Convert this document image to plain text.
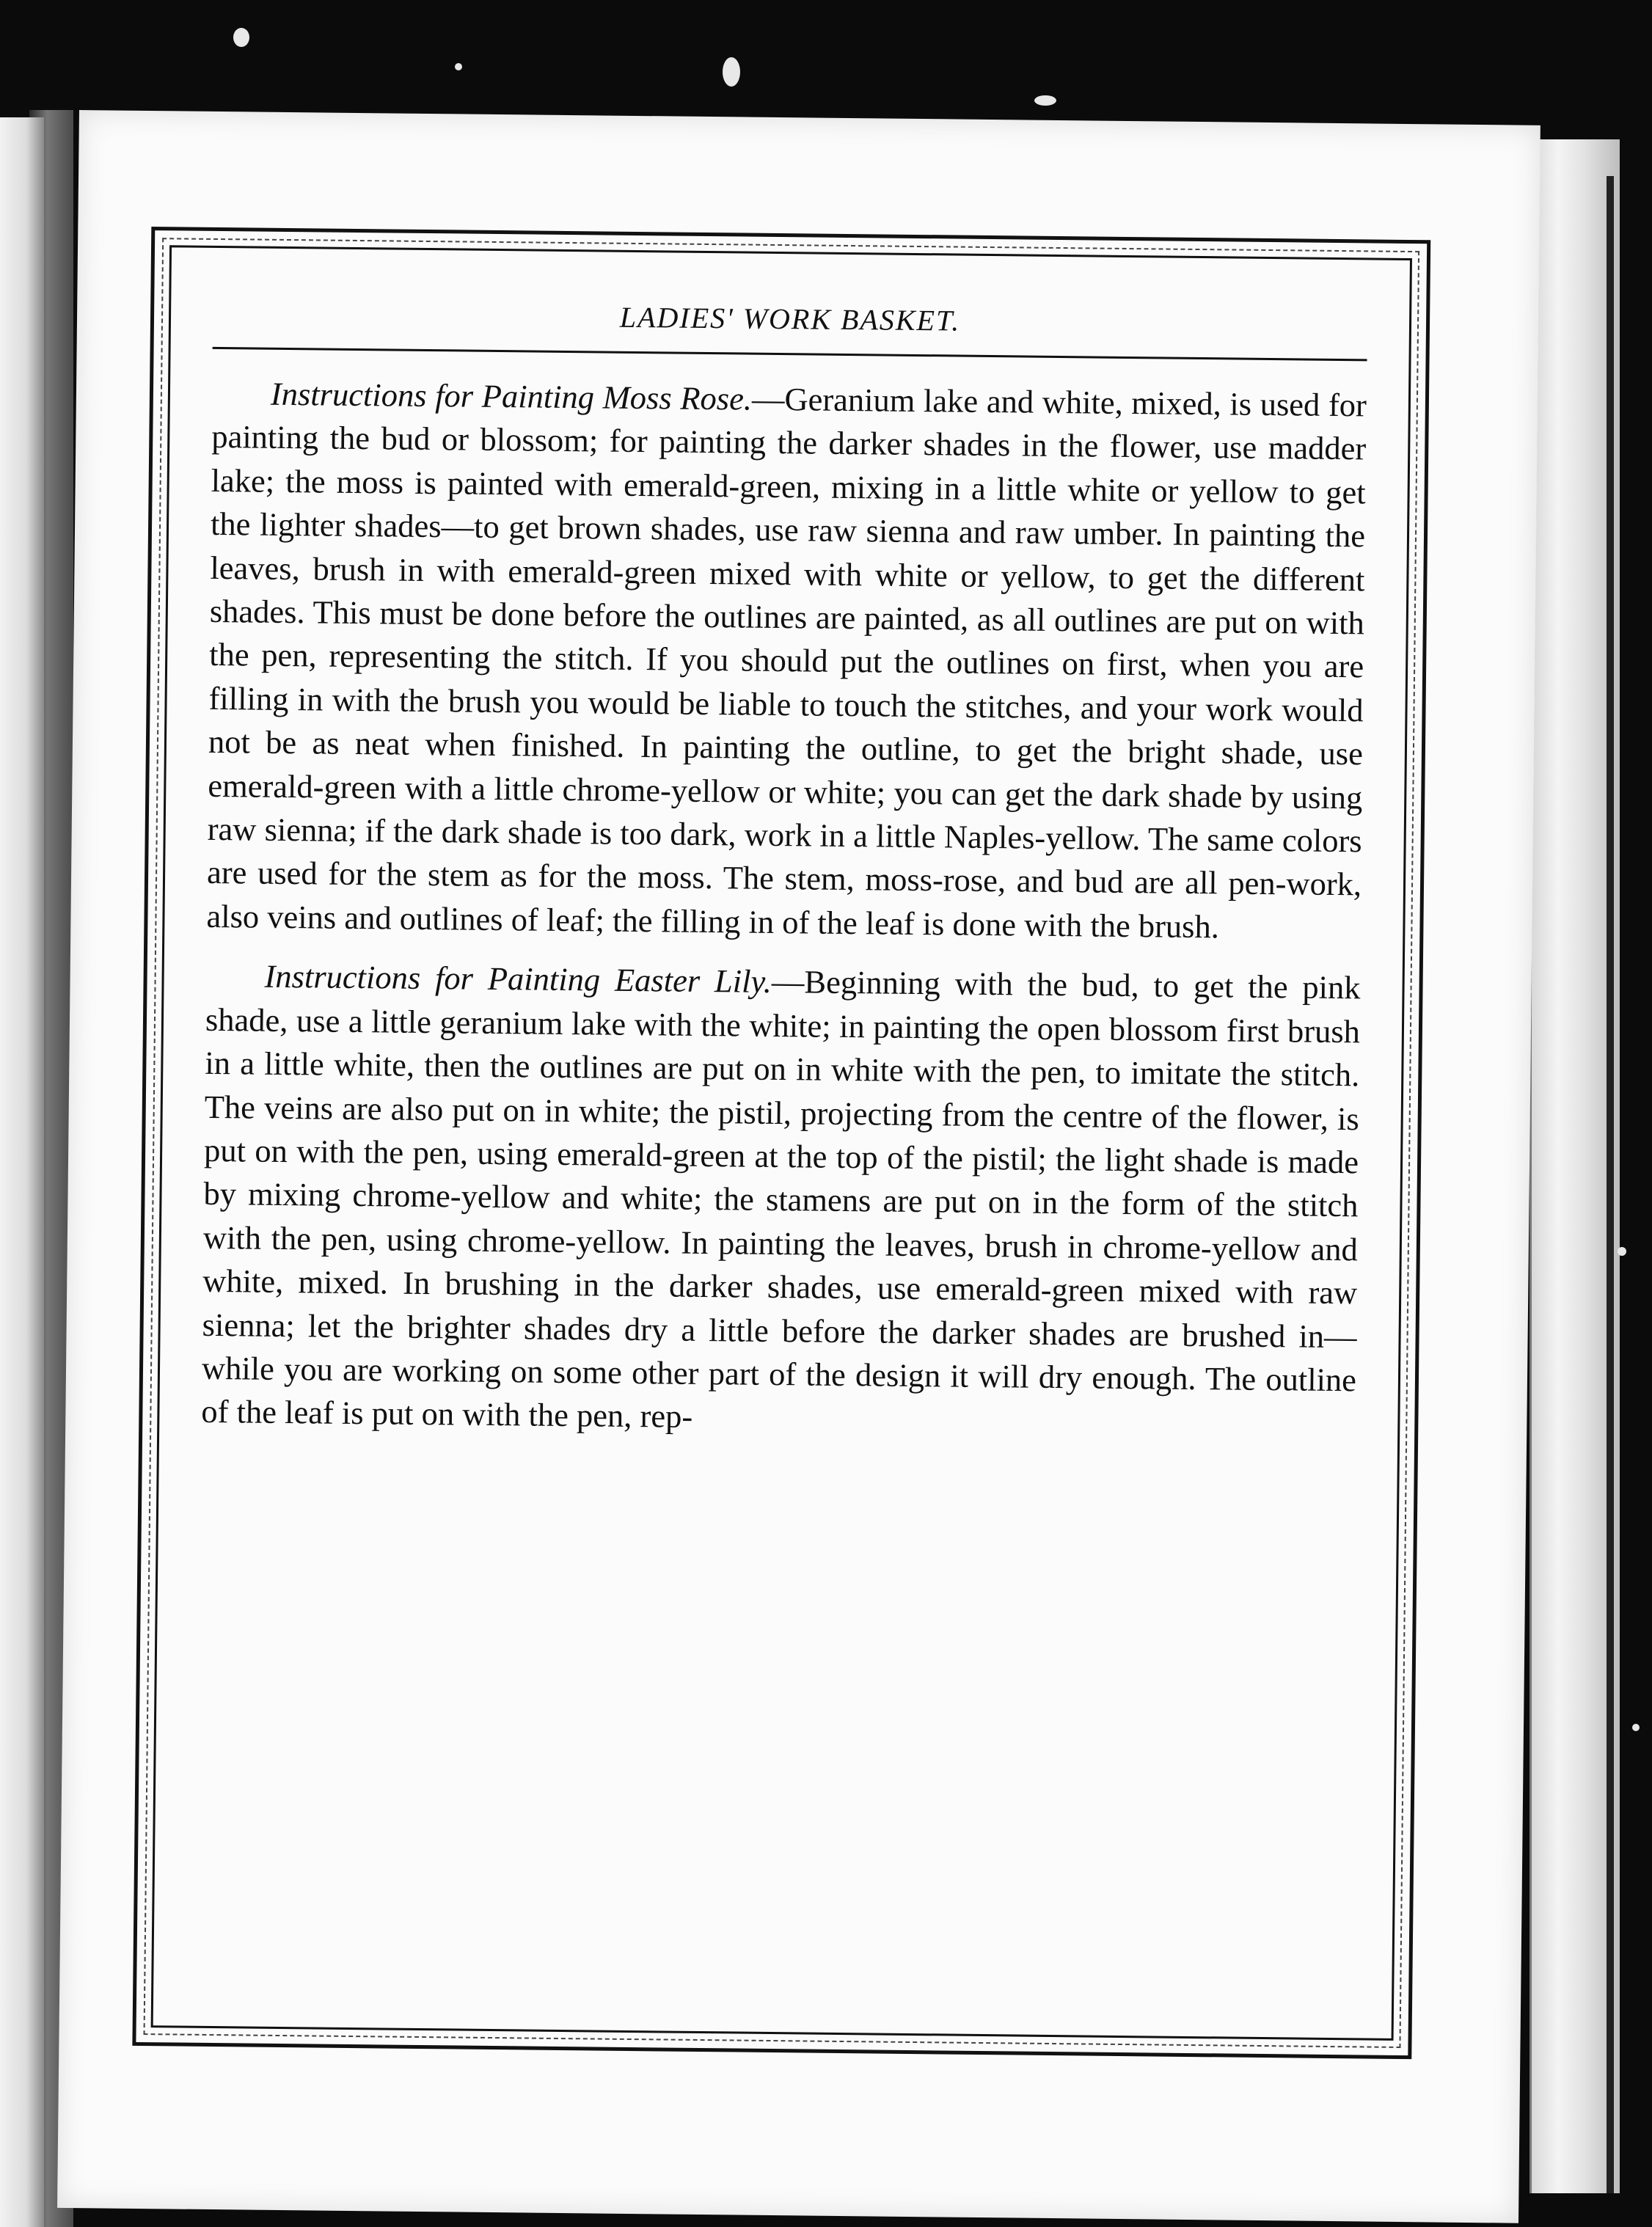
LADIES' WORK BASKET.

Instructions for Painting Moss Rose.—Geranium lake and white, mixed, is used for painting the bud or blossom; for painting the darker shades in the flower, use madder lake; the moss is painted with emerald-green, mixing in a little white or yellow to get the lighter shades—to get brown shades, use raw sienna and raw umber. In painting the leaves, brush in with emerald-green mixed with white or yellow, to get the different shades. This must be done before the outlines are painted, as all outlines are put on with the pen, representing the stitch. If you should put the outlines on first, when you are filling in with the brush you would be liable to touch the stitches, and your work would not be as neat when finished. In painting the outline, to get the bright shade, use emerald-green with a little chrome-yellow or white; you can get the dark shade by using raw sienna; if the dark shade is too dark, work in a little Naples-yellow. The same colors are used for the stem as for the moss. The stem, moss-rose, and bud are all pen-work, also veins and outlines of leaf; the filling in of the leaf is done with the brush.

Instructions for Painting Easter Lily.—Beginning with the bud, to get the pink shade, use a little geranium lake with the white; in painting the open blossom first brush in a little white, then the outlines are put on in white with the pen, to imitate the stitch. The veins are also put on in white; the pistil, projecting from the centre of the flower, is put on with the pen, using emerald-green at the top of the pistil; the light shade is made by mixing chrome-yellow and white; the stamens are put on in the form of the stitch with the pen, using chrome-yellow. In painting the leaves, brush in chrome-yellow and white, mixed. In brushing in the darker shades, use emerald-green mixed with raw sienna; let the brighter shades dry a little before the darker shades are brushed in—while you are working on some other part of the design it will dry enough. The outline of the leaf is put on with the pen, rep-
